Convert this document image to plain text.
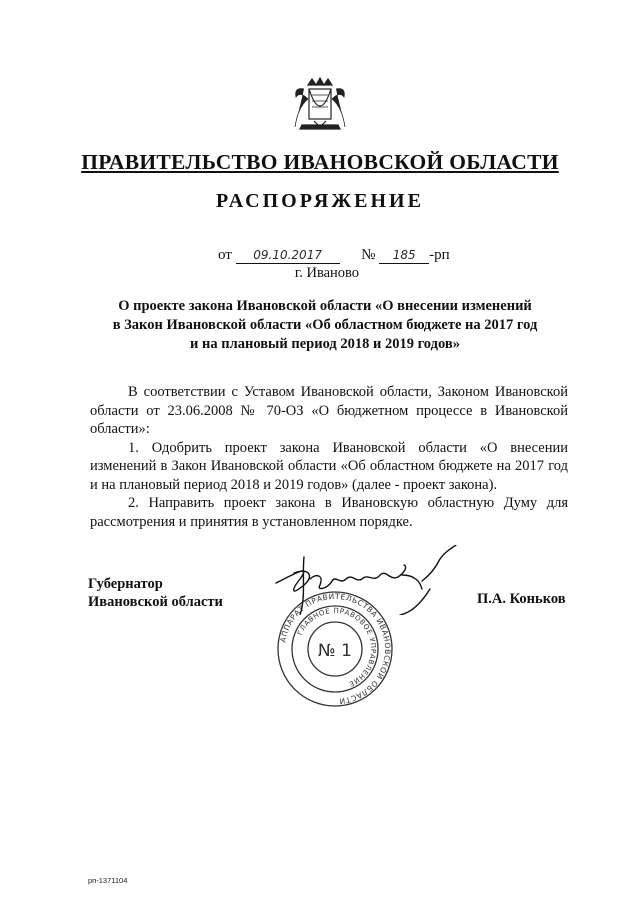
ПРАВИТЕЛЬСТВО ИВАНОВСКОЙ ОБЛАСТИ
РАСПОРЯЖЕНИЕ
от 09.10.2017	№ 185 -рп
г. Иваново
О проекте закона Ивановской области «О внесении изменений
в Закон Ивановской области «Об областном бюджете на 2017 год
и на плановый период 2018 и 2019 годов»

В соответствии с Уставом Ивановской области, Законом Ивановской области от 23.06.2008 № 70-ОЗ «О бюджетном процессе в Ивановской области»:

1. Одобрить проект закона Ивановской области «О внесении изменений в Закон Ивановской области «Об областном бюджете на 2017 год и на плановый период 2018 и 2019 годов» (далее - проект закона).

2. Направить проект закона в Ивановскую областную Думу для рассмотрения и принятия в установленном порядке.

Губернатор
Ивановской области
АППАРАТ ПРАВИТЕЛЬСТВА ИВАНОВСКОЙ ОБЛАСТИ
ГЛАВНОЕ ПРАВОВОЕ УПРАВЛЕНИЕ
№ 1
П.А. Коньков
рп-1371104
